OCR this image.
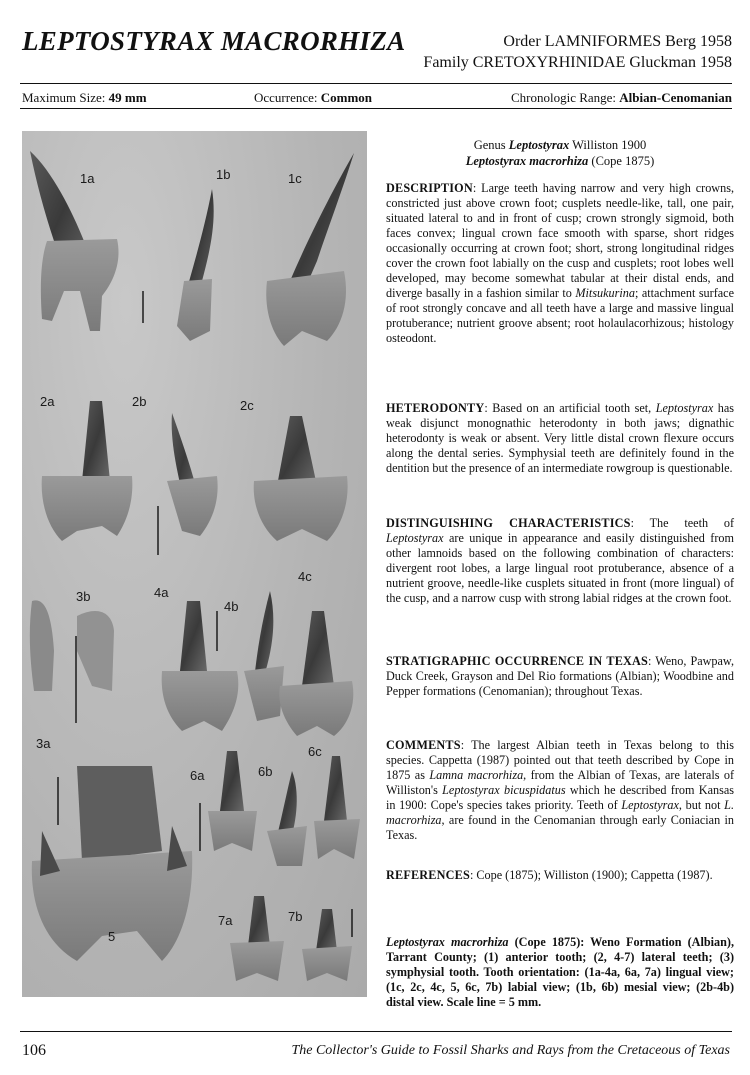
LEPTOSTYRAX MACRORHIZA	Order LAMNIFORMES Berg 1958
Family CRETOXYRHINIDAE Gluckman 1958
Maximum Size: 49 mm	Occurrence: Common	Chronologic Range: Albian-Cenomanian
1a	1b	1c
2a	2b	2c
3b	4a
4b
4c
3a
6c
6a	6b
5
7a	7b
Genus Leptostyrax Williston 1900
Leptostyrax macrorhiza (Cope 1875)

DESCRIPTION: Large teeth having narrow and very high crowns, constricted just above crown foot; cusplets needle-like, tall, one pair, situated lateral to and in front of cusp; crown strongly sigmoid, both faces convex; lingual crown face smooth with sparse, short ridges occasionally occurring at crown foot; short, strong longitudinal ridges cover the crown foot labially on the cusp and cusplets; root lobes well developed, may become somewhat tabular at their distal ends, and diverge basally in a fashion similar to Mitsukurina; attachment surface of root strongly concave and all teeth have a large and massive lingual protuberance; nutrient groove absent; root holaulacorhizous; histology osteodont.

HETERODONTY: Based on an artificial tooth set, Leptostyrax has weak disjunct monognathic heterodonty in both jaws; dignathic heterodonty is weak or absent. Very little distal crown flexure occurs along the dental series. Symphysial teeth are definitely found in the dentition but the presence of an intermediate rowgroup is questionable.

DISTINGUISHING CHARACTERISTICS: The teeth of Leptostyrax are unique in appearance and easily distinguished from other lamnoids based on the following combination of characters: divergent root lobes, a large lingual root protuberance, absence of a nutrient groove, needle-like cusplets situated in front (more lingual) of the cusp, and a narrow cusp with strong labial ridges at the crown foot.

STRATIGRAPHIC OCCURRENCE IN TEXAS: Weno, Pawpaw, Duck Creek, Grayson and Del Rio formations (Albian); Woodbine and Pepper formations (Cenomanian); throughout Texas.

COMMENTS: The largest Albian teeth in Texas belong to this species. Cappetta (1987) pointed out that teeth described by Cope in 1875 as Lamna macrorhiza, from the Albian of Texas, are laterals of Williston's Leptostyrax bicuspidatus which he described from Kansas in 1900: Cope's species takes priority. Teeth of Leptostyrax, but not L. macrorhiza, are found in the Cenomanian through early Coniacian in Texas.

REFERENCES: Cope (1875); Williston (1900); Cappetta (1987).

Leptostyrax macrorhiza (Cope 1875): Weno Formation (Albian), Tarrant County; (1) anterior tooth; (2, 4-7) lateral teeth; (3) symphysial tooth. Tooth orientation: (1a-4a, 6a, 7a) lingual view; (1c, 2c, 4c, 5, 6c, 7b) labial view; (1b, 6b) mesial view; (2b-4b) distal view. Scale line = 5 mm.

106	The Collector's Guide to Fossil Sharks and Rays from the Cretaceous of Texas
